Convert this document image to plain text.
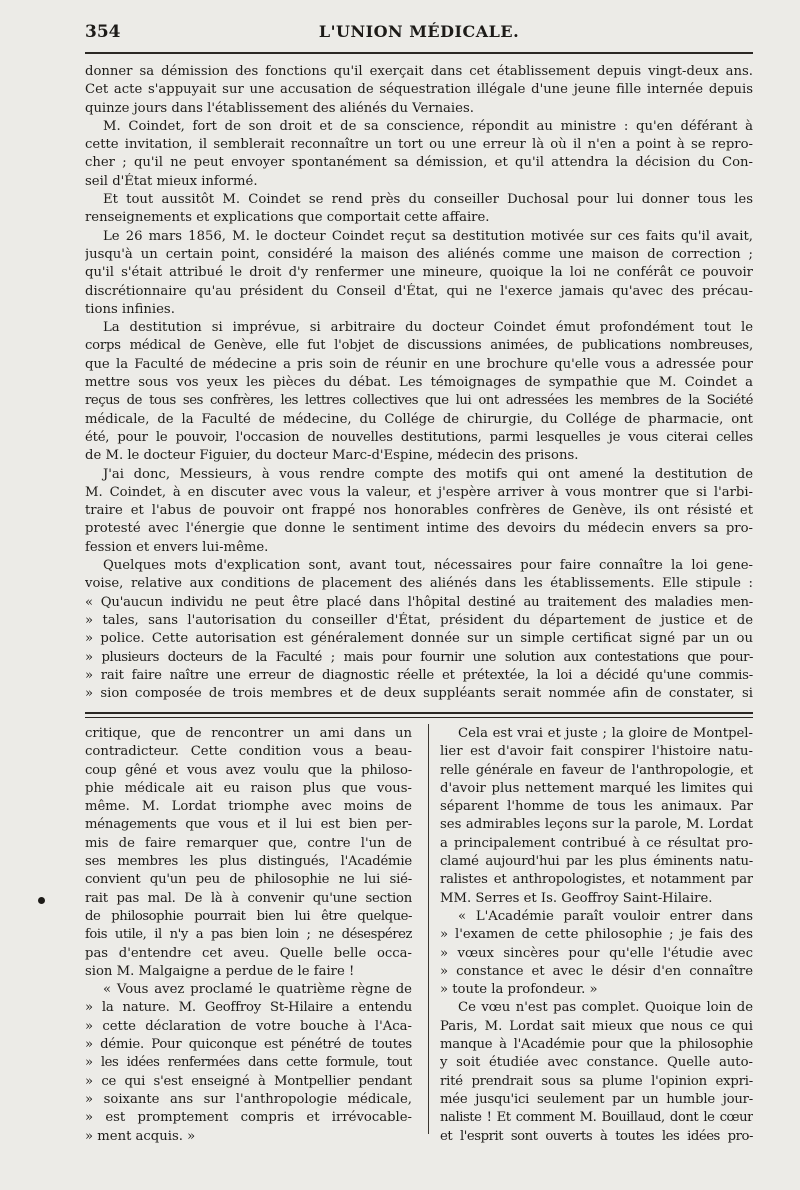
354	L'UNION MÉDICALE.
donner sa démission des fonctions qu'il exerçait dans cet établissement depuis vingt-deux ans.
Cet acte s'appuyait sur une accusation de séquestration illégale d'une jeune fille internée depuis
quinze jours dans l'établissement des aliénés du Vernaies.
M. Coindet, fort de son droit et de sa conscience, répondit au ministre : qu'en déférant à
cette invitation, il semblerait reconnaître un tort ou une erreur là où il n'en a point à se repro-
cher ; qu'il ne peut envoyer spontanément sa démission, et qu'il attendra la décision du Con-
seil d'État mieux informé.
Et tout aussitôt M. Coindet se rend près du conseiller Duchosal pour lui donner tous les
renseignements et explications que comportait cette affaire.
Le 26 mars 1856, M. le docteur Coindet reçut sa destitution motivée sur ces faits qu'il avait,
jusqu'à un certain point, considéré la maison des aliénés comme une maison de correction ;
qu'il s'était attribué le droit d'y renfermer une mineure, quoique la loi ne conférât ce pouvoir
discrétionnaire qu'au président du Conseil d'État, qui ne l'exerce jamais qu'avec des précau-
tions infinies.
La destitution si imprévue, si arbitraire du docteur Coindet émut profondément tout le
corps médical de Genève, elle fut l'objet de discussions animées, de publications nombreuses,
que la Faculté de médecine a pris soin de réunir en une brochure qu'elle vous a adressée pour
mettre sous vos yeux les pièces du débat. Les témoignages de sympathie que M. Coindet a
reçus de tous ses confrères, les lettres collectives que lui ont adressées les membres de la Société
médicale, de la Faculté de médecine, du Collége de chirurgie, du Collége de pharmacie, ont
été, pour le pouvoir, l'occasion de nouvelles destitutions, parmi lesquelles je vous citerai celles
de M. le docteur Figuier, du docteur Marc-d'Espine, médecin des prisons.
J'ai donc, Messieurs, à vous rendre compte des motifs qui ont amené la destitution de
M. Coindet, à en discuter avec vous la valeur, et j'espère arriver à vous montrer que si l'arbi-
traire et l'abus de pouvoir ont frappé nos honorables confrères de Genève, ils ont résisté et
protesté avec l'énergie que donne le sentiment intime des devoirs du médecin envers sa pro-
fession et envers lui-même.
Quelques mots d'explication sont, avant tout, nécessaires pour faire connaître la loi gene-
voise, relative aux conditions de placement des aliénés dans les établissements. Elle stipule :
« Qu'aucun individu ne peut être placé dans l'hôpital destiné au traitement des maladies men-
» tales, sans l'autorisation du conseiller d'État, président du département de justice et de
» police. Cette autorisation est généralement donnée sur un simple certificat signé par un ou
» plusieurs docteurs de la Faculté ; mais pour fournir une solution aux contestations que pour-
» rait faire naître une erreur de diagnostic réelle et prétextée, la loi a décidé qu'une commis-
» sion composée de trois membres et de deux suppléants serait nommée afin de constater, si
critique, que de rencontrer un ami dans un
contradicteur. Cette condition vous a beau-
coup gêné et vous avez voulu que la philoso-
phie médicale ait eu raison plus que vous-
même. M. Lordat triomphe avec moins de
ménagements que vous et il lui est bien per-
mis de faire remarquer que, contre l'un de
ses membres les plus distingués, l'Académie
convient qu'un peu de philosophie ne lui sié-
rait pas mal. De là à convenir qu'une section
de philosophie pourrait bien lui être quelque-
fois utile, il n'y a pas bien loin ; ne désespérez
pas d'entendre cet aveu. Quelle belle occa-
sion M. Malgaigne a perdue de le faire !
« Vous avez proclamé le quatrième règne de
» la nature. M. Geoffroy St-Hilaire a entendu
» cette déclaration de votre bouche à l'Aca-
» démie. Pour quiconque est pénétré de toutes
» les idées renfermées dans cette formule, tout
» ce qui s'est enseigné à Montpellier pendant
» soixante ans sur l'anthropologie médicale,
» est promptement compris et irrévocable-
» ment acquis. »
Cela est vrai et juste ; la gloire de Montpel-
lier est d'avoir fait conspirer l'histoire natu-
relle générale en faveur de l'anthropologie, et
d'avoir plus nettement marqué les limites qui
séparent l'homme de tous les animaux. Par
ses admirables leçons sur la parole, M. Lordat
a principalement contribué à ce résultat pro-
clamé aujourd'hui par les plus éminents natu-
ralistes et anthropologistes, et notamment par
MM. Serres et Is. Geoffroy Saint-Hilaire.
« L'Académie paraît vouloir entrer dans
» l'examen de cette philosophie ; je fais des
» vœux sincères pour qu'elle l'étudie avec
» constance et avec le désir d'en connaître
» toute la profondeur. »
Ce vœu n'est pas complet. Quoique loin de
Paris, M. Lordat sait mieux que nous ce qui
manque à l'Académie pour que la philosophie
y soit étudiée avec constance. Quelle auto-
rité prendrait sous sa plume l'opinion expri-
mée jusqu'ici seulement par un humble jour-
naliste ! Et comment M. Bouillaud, dont le cœur
et l'esprit sont ouverts à toutes les idées pro-
